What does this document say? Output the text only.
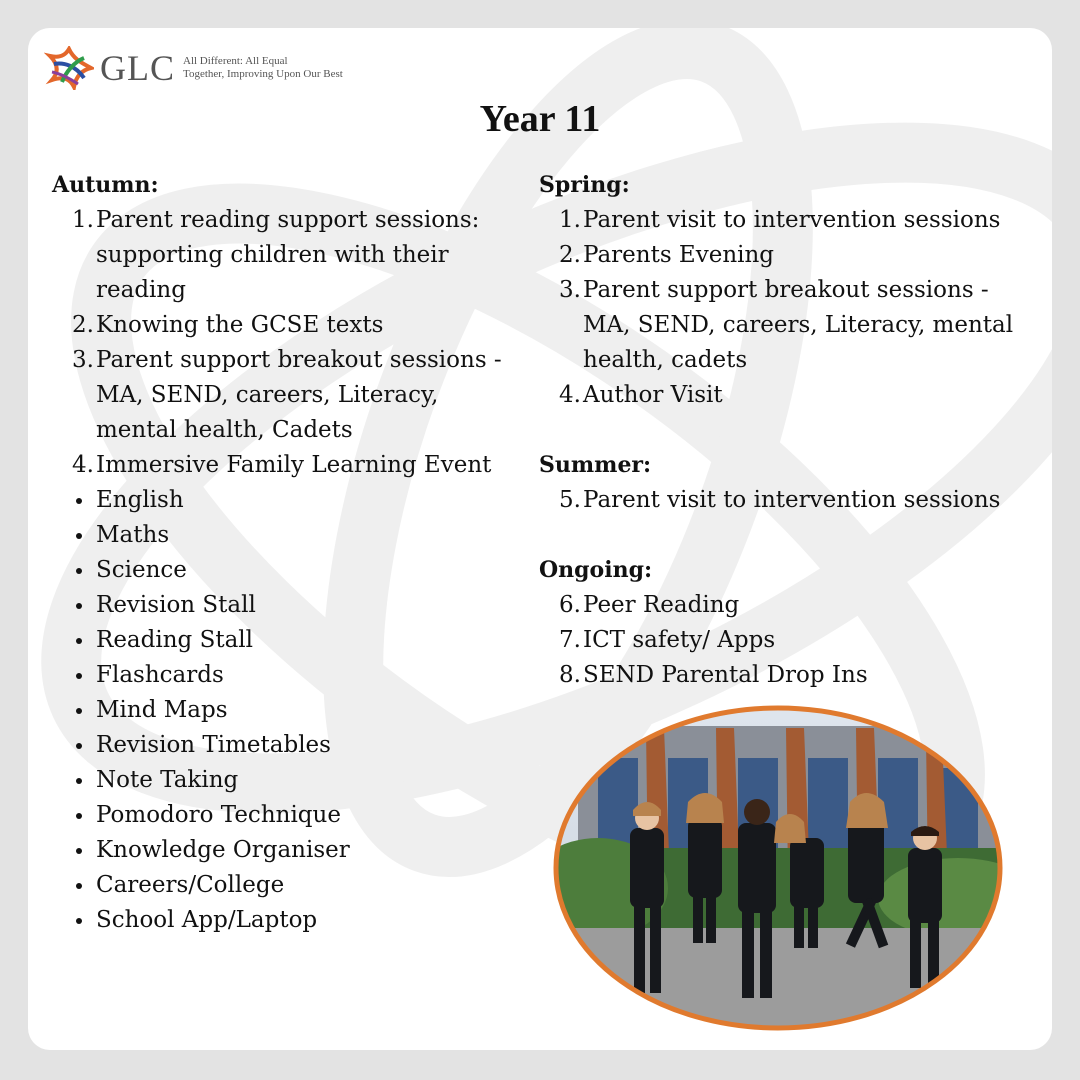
GLC All Different: All Equal
Together, Improving Upon Our Best
Year 11
Autumn:
1. Parent reading support sessions: supporting children with their reading
2. Knowing the GCSE texts
3. Parent support breakout sessions - MA, SEND, careers, Literacy, mental health, Cadets
4. Immersive Family Learning Event
English
Maths
Science
Revision Stall
Reading Stall
Flashcards
Mind Maps
Revision Timetables
Note Taking
Pomodoro Technique
Knowledge Organiser
Careers/College
School App/Laptop
Spring:
1. Parent visit to intervention sessions
2. Parents Evening
3. Parent support breakout sessions - MA, SEND, careers, Literacy, mental health, cadets
4. Author Visit
Summer:
5. Parent visit to intervention sessions
Ongoing:
6. Peer Reading
7. ICT safety/ Apps
8. SEND Parental Drop Ins
